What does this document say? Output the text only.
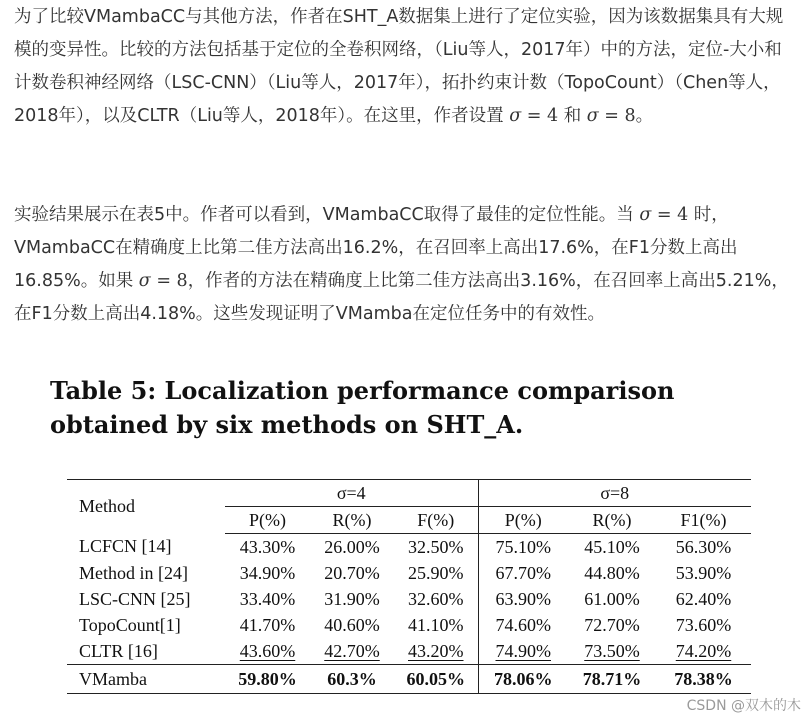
为了比较VMambaCC与其他方法，作者在SHT_A数据集上进行了定位实验，因为该数据集具有大规模的变异性。比较的方法包括基于定位的全卷积网络，（Liu等人，2017年）中的方法，定位-大小和计数卷积神经网络（LSC-CNN）（Liu等人，2017年），拓扑约束计数（TopoCount）（Chen等人，2018年），以及CLTR（Liu等人，2018年）。在这里，作者设置 σ = 4 和 σ = 8。

实验结果展示在表5中。作者可以看到，VMambaCC取得了最佳的定位性能。当 σ = 4 时，VMambaCC在精确度上比第二佳方法高出16.2%，在召回率上高出17.6%，在F1分数上高出16.85%。如果 σ = 8，作者的方法在精确度上比第二佳方法高出3.16%，在召回率上高出5.21%，在F1分数上高出4.18%。这些发现证明了VMamba在定位任务中的有效性。

Table 5: Localization performance comparison obtained by six methods on SHT_A.

Method	σ=4			σ=8		
	P(%)	R(%)	F(%)	P(%)	R(%)	F1(%)
LCFCN [14]	43.30%	26.00%	32.50%	75.10%	45.10%	56.30%
Method in [24]	34.90%	20.70%	25.90%	67.70%	44.80%	53.90%
LSC-CNN [25]	33.40%	31.90%	32.60%	63.90%	61.00%	62.40%
TopoCount[1]	41.70%	40.60%	41.10%	74.60%	72.70%	73.60%
CLTR [16]	43.60%	42.70%	43.20%	74.90%	73.50%	74.20%
VMamba	59.80%	60.3%	60.05%	78.06%	78.71%	78.38%
CSDN @双木的木
